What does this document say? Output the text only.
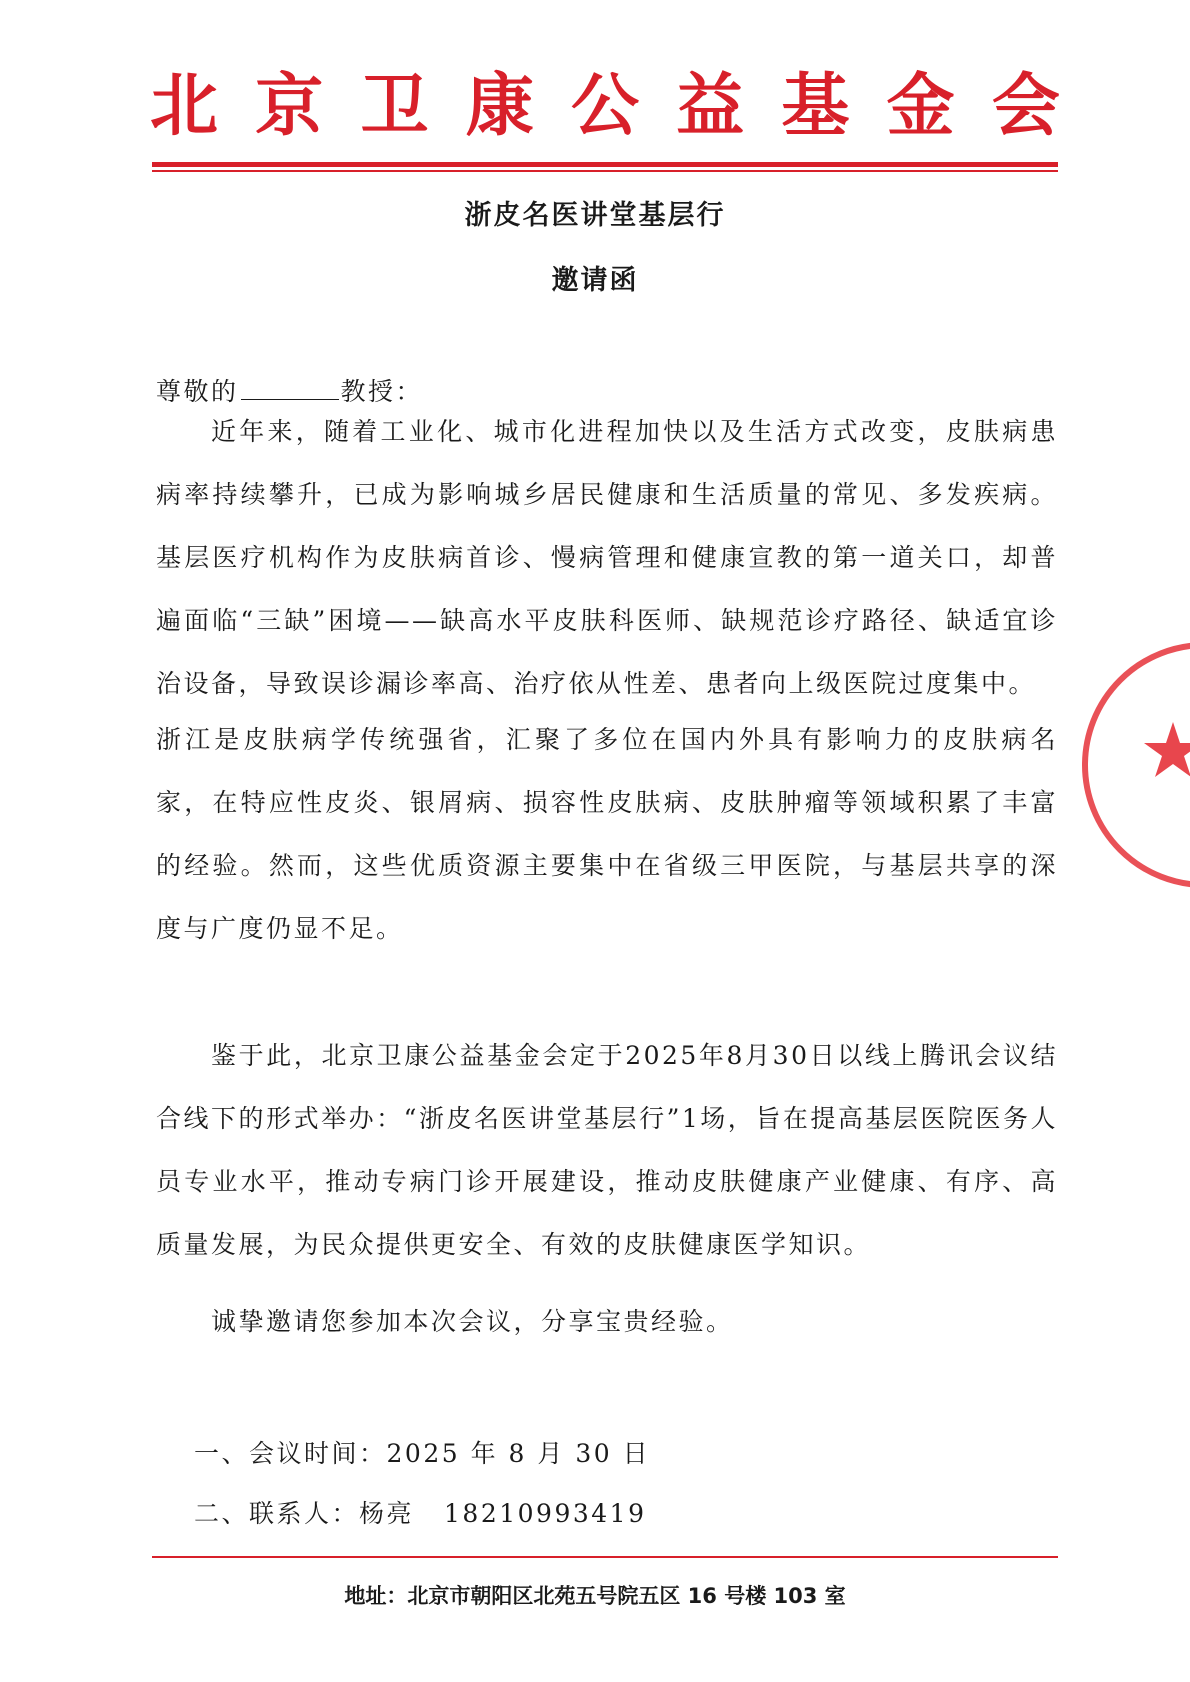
北 京 卫 康 公 益 基 金 会
浙皮名医讲堂基层行
邀请函
尊敬的	教授：

近年来，随着工业化、城市化进程加快以及生活方式改变，皮肤病患病率持续攀升，已成为影响城乡居民健康和生活质量的常见、多发疾病。基层医疗机构作为皮肤病首诊、慢病管理和健康宣教的第一道关口，却普遍面临“三缺”困境——缺高水平皮肤科医师、缺规范诊疗路径、缺适宜诊治设备，导致误诊漏诊率高、治疗依从性差、患者向上级医院过度集中。

浙江是皮肤病学传统强省，汇聚了多位在国内外具有影响力的皮肤病名家，在特应性皮炎、银屑病、损容性皮肤病、皮肤肿瘤等领域积累了丰富的经验。然而，这些优质资源主要集中在省级三甲医院，与基层共享的深度与广度仍显不足。

鉴于此，北京卫康公益基金会定于2025年8月30日以线上腾讯会议结合线下的形式举办：“浙皮名医讲堂基层行”1场，旨在提高基层医院医务人员专业水平，推动专病门诊开展建设，推动皮肤健康产业健康、有序、高质量发展，为民众提供更安全、有效的皮肤健康医学知识。

诚挚邀请您参加本次会议，分享宝贵经验。

一、会议时间：2025 年 8 月 30 日
二、联系人：杨亮 18210993419
地址：北京市朝阳区北苑五号院五区 16 号楼 103 室
